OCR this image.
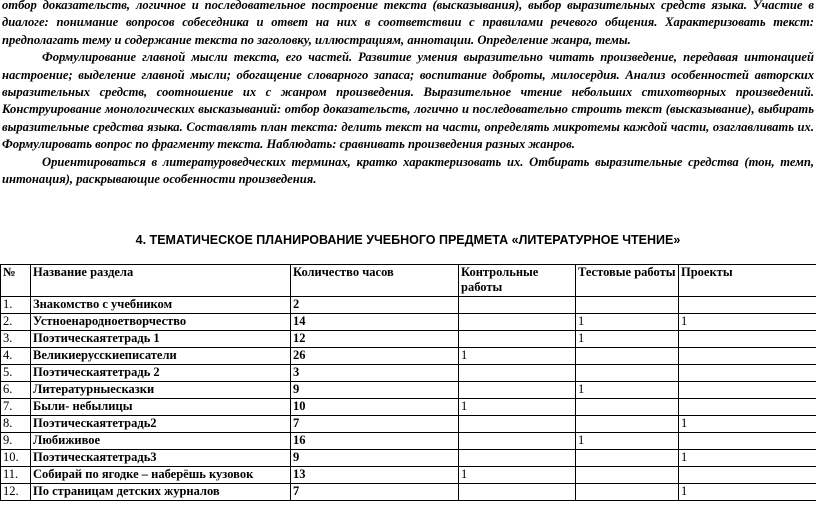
отбор доказательств, логичное и последовательное построение текста (высказывания), выбор выразительных средств языка. Участие в диалоге: понимание вопросов собеседника и ответ на них в соответствии с правилами речевого общения. Характеризовать текст: предполагать тему и содержание текста по заголовку, иллюстрациям, аннотации. Определение жанра, темы.

Формулирование главной мысли текста, его частей. Развитие умения выразительно читать произведение, передавая интонацией настроение; выделение главной мысли; обогащение словарного запаса; воспитание доброты, милосердия. Анализ особенностей авторских выразительных средств, соотношение их с жанром произведения. Выразительное чтение небольших стихотворных произведений. Конструирование монологических высказываний: отбор доказательств, логично и последовательно строить текст (высказывание), выбирать выразительные средства языка. Составлять план текста: делить текст на части, определять микротемы каждой части, озаглавливать их. Формулировать вопрос по фрагменту текста. Наблюдать: сравнивать произведения разных жанров.

Ориентироваться в литературоведческих терминах, кратко характеризовать их. Отбирать выразительные средства (тон, темп, интонация), раскрывающие особенности произведения.

4. ТЕМАТИЧЕСКОЕ ПЛАНИРОВАНИЕ УЧЕБНОГО ПРЕДМЕТА «ЛИТЕРАТУРНОЕ ЧТЕНИЕ»
№	Название раздела	Количество часов	Контрольные работы	Тестовые работы	Проекты
1.	Знакомство с учебником	2			
2.	Устноенароднoетворчество	14		1	1
3.	Поэтическаятетрадь 1	12		1	
4.	Великиерусскиеписатели	26	1		
5.	Поэтическаятетрадь 2	3			
6.	Литературныесказки	9		1	
7.	Были- небылицы	10	1		
8.	Поэтическаятетрадь2	7			1
9.	Любиживое	16		1	
10.	Поэтическаятетрадь3	9			1
11.	Собирай по ягодке – наберёшь кузовок	13	1		
12.	По страницам детских журналов	7			1
